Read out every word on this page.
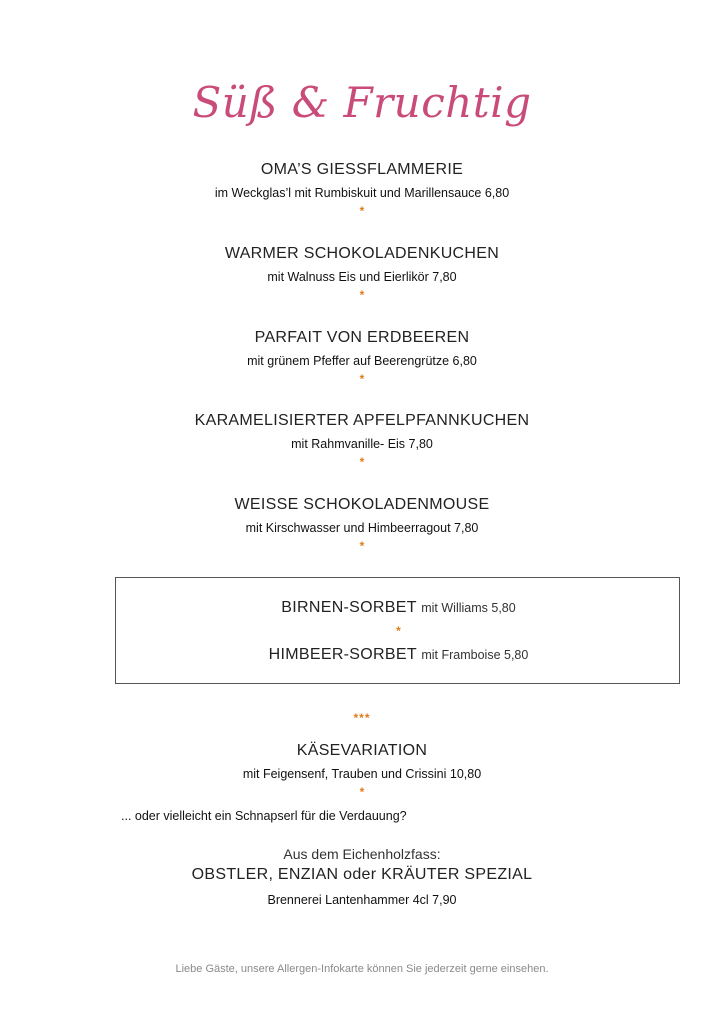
Süß & Fruchtig
OMA’S GIESSFLAMMERIE
im Weckglas’l mit Rumbiskuit und Marillensauce 6,80
*
WARMER SCHOKOLADENKUCHEN
mit Walnuss Eis und Eierlikör 7,80
*
PARFAIT VON ERDBEEREN
mit grünem Pfeffer auf Beerengrütze 6,80
*
KARAMELISIERTER APFELPFANNKUCHEN
mit Rahmvanille- Eis 7,80
*
WEISSE SCHOKOLADENMOUSE
mit Kirschwasser und Himbeerragout 7,80
*
BIRNEN-SORBET mit Williams 5,80
*
HIMBEER-SORBET mit Framboise 5,80
***
KÄSEVARIATION
mit Feigensenf, Trauben und Crissini 10,80
*
... oder vielleicht ein Schnapserl für die Verdauung?
Aus dem Eichenholzfass:
OBSTLER, ENZIAN oder KRÄUTER SPEZIAL
Brennerei Lantenhammer 4cl 7,90
Liebe Gäste, unsere Allergen-Infokarte können Sie jederzeit gerne einsehen.
